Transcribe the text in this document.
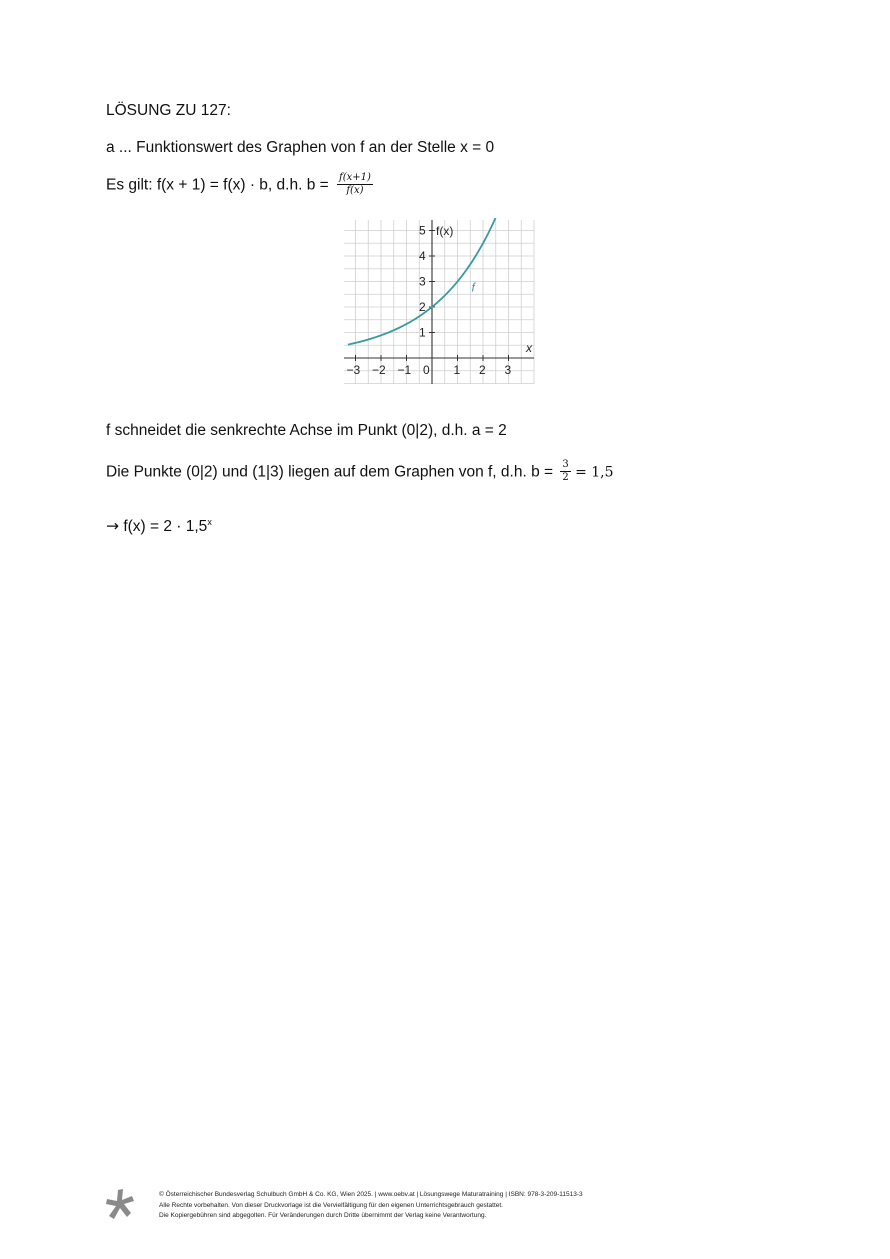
LÖSUNG ZU 127:
a ... Funktionswert des Graphen von f an der Stelle x = 0
Es gilt: f(x + 1) = f(x) · b, d.h. $b = \frac{f(x+1)}{f(x)}$
x
f(x)
−3 −2 −1 0 1 2 3
1
2
3
4
5
f
f schneidet die senkrechte Achse im Punkt (0|2), d.h. a = 2
Die Punkte (0|2) und (1|3) liegen auf dem Graphen von f, d.h. $b = \frac{3}{2} = 1,5$
→ $f(x) = 2 \cdot 1,5^x$
© Österreichischer Bundesverlag Schulbuch GmbH & Co. KG, Wien 2025. | www.oebv.at | Lösungswege Maturatraining | ISBN: 978-3-209-11513-3
Alle Rechte vorbehalten. Von dieser Druckvorlage ist die Vervielfältigung für den eigenen Unterrichtsgebrauch gestattet.
Die Kopiergebühren sind abgegolten. Für Veränderungen durch Dritte übernimmt der Verlag keine Verantwortung.
